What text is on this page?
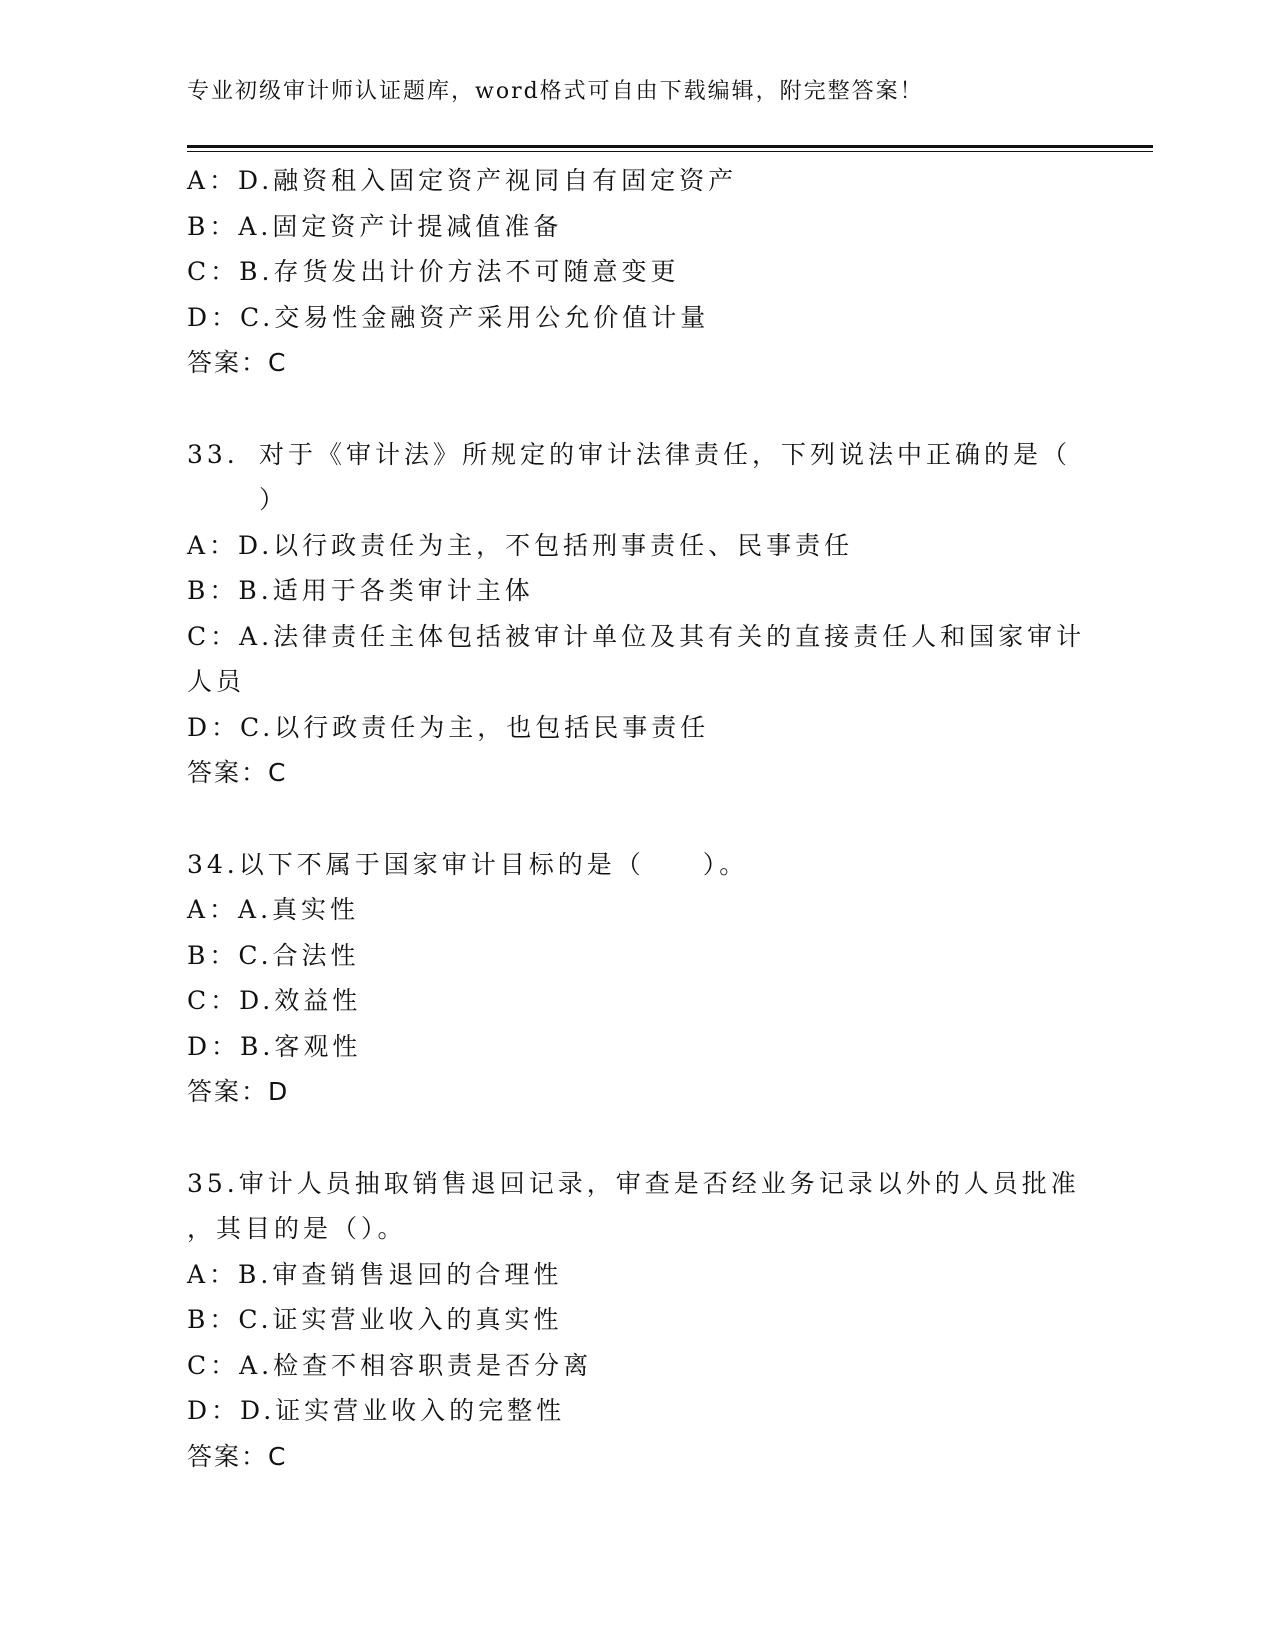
专业初级审计师认证题库，word格式可自由下载编辑，附完整答案！
A：D.融资租入固定资产视同自有固定资产
B：A.固定资产计提减值准备
C：B.存货发出计价方法不可随意变更
D：C.交易性金融资产采用公允价值计量
答案：C
33. 对于《审计法》所规定的审计法律责任，下列说法中正确的是（
）
A：D.以行政责任为主，不包括刑事责任、民事责任
B：B.适用于各类审计主体
C：A.法律责任主体包括被审计单位及其有关的直接责任人和国家审计
人员
D：C.以行政责任为主，也包括民事责任
答案：C
34.以下不属于国家审计目标的是（　　）。
A：A.真实性
B：C.合法性
C：D.效益性
D：B.客观性
答案：D
35.审计人员抽取销售退回记录，审查是否经业务记录以外的人员批准
，其目的是（）。
A：B.审查销售退回的合理性
B：C.证实营业收入的真实性
C：A.检查不相容职责是否分离
D：D.证实营业收入的完整性
答案：C
